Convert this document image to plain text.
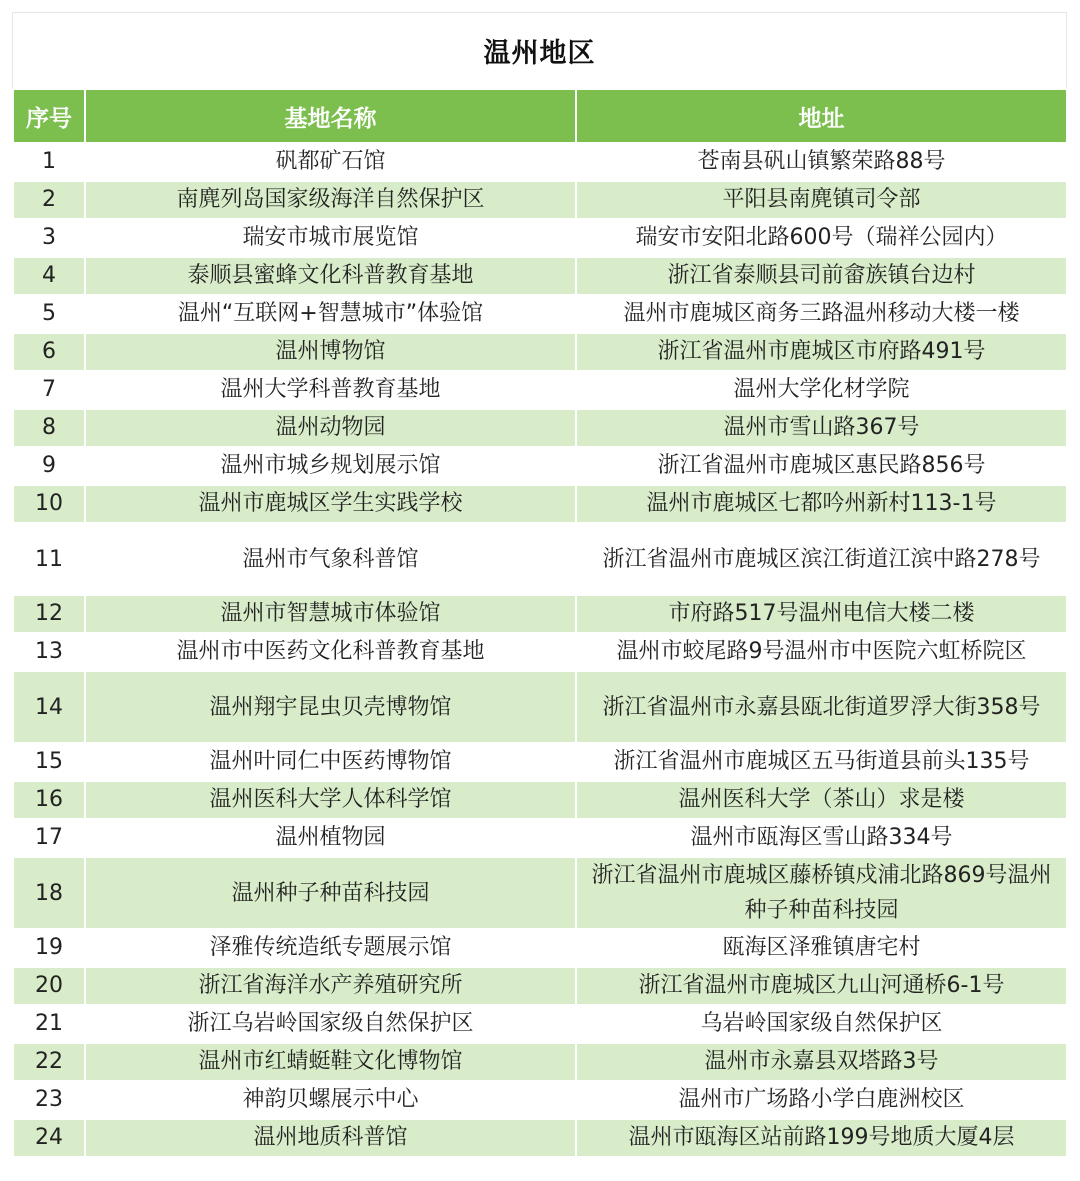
温州地区
序号	基地名称	地址
1	矾都矿石馆	苍南县矾山镇繁荣路88号
2	南麂列岛国家级海洋自然保护区	平阳县南麂镇司令部
3	瑞安市城市展览馆	瑞安市安阳北路600号（瑞祥公园内）
4	泰顺县蜜蜂文化科普教育基地	浙江省泰顺县司前畲族镇台边村
5	温州“互联网+智慧城市”体验馆	温州市鹿城区商务三路温州移动大楼一楼
6	温州博物馆	浙江省温州市鹿城区市府路491号
7	温州大学科普教育基地	温州大学化材学院
8	温州动物园	温州市雪山路367号
9	温州市城乡规划展示馆	浙江省温州市鹿城区惠民路856号
10	温州市鹿城区学生实践学校	温州市鹿城区七都吟州新村113-1号
11	温州市气象科普馆	浙江省温州市鹿城区滨江街道江滨中路278号
12	温州市智慧城市体验馆	市府路517号温州电信大楼二楼
13	温州市中医药文化科普教育基地	温州市蛟尾路9号温州市中医院六虹桥院区
14	温州翔宇昆虫贝壳博物馆	浙江省温州市永嘉县瓯北街道罗浮大街358号
15	温州叶同仁中医药博物馆	浙江省温州市鹿城区五马街道县前头135号
16	温州医科大学人体科学馆	温州医科大学（茶山）求是楼
17	温州植物园	温州市瓯海区雪山路334号
18	温州种子种苗科技园	浙江省温州市鹿城区藤桥镇戍浦北路869号温州种子种苗科技园
19	泽雅传统造纸专题展示馆	瓯海区泽雅镇唐宅村
20	浙江省海洋水产养殖研究所	浙江省温州市鹿城区九山河通桥6-1号
21	浙江乌岩岭国家级自然保护区	乌岩岭国家级自然保护区
22	温州市红蜻蜓鞋文化博物馆	温州市永嘉县双塔路3号
23	神韵贝螺展示中心	温州市广场路小学白鹿洲校区
24	温州地质科普馆	温州市瓯海区站前路199号地质大厦4层
